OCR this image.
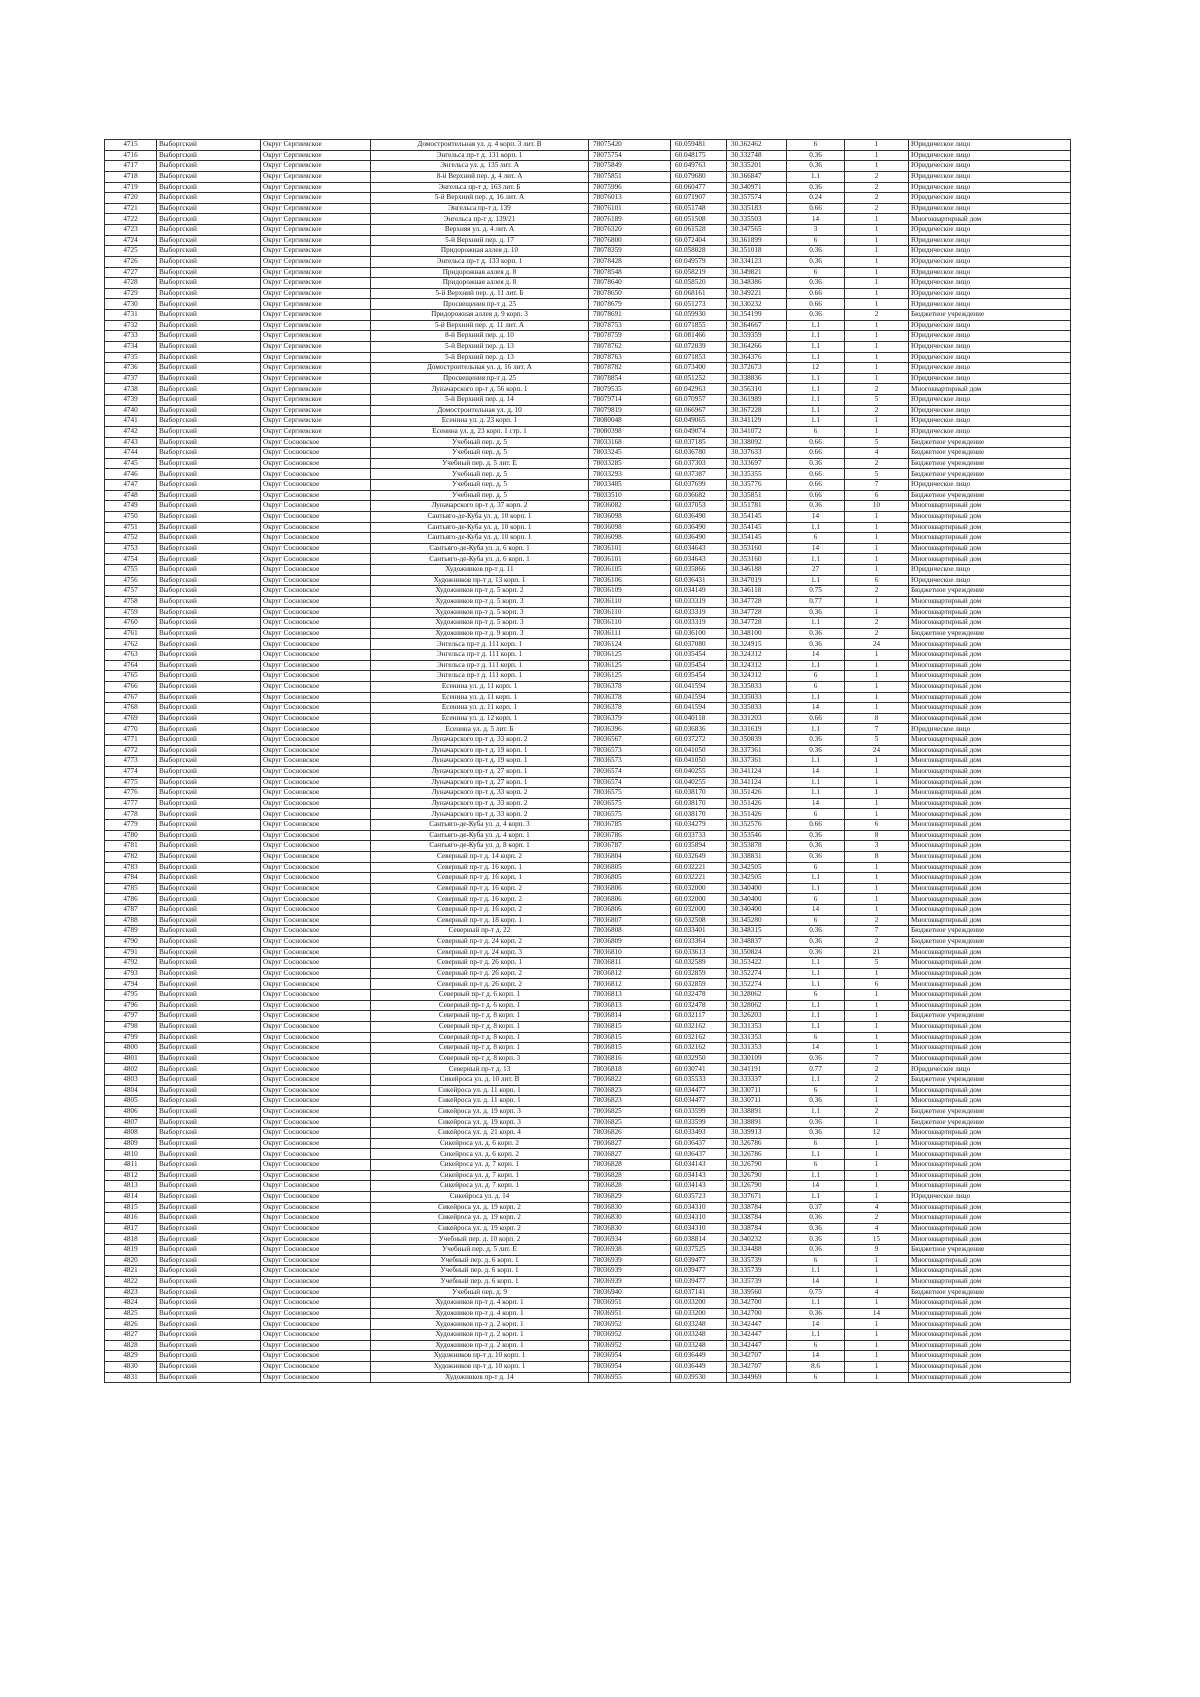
4715	Выборгский	Округ Сергиевское	Домостроительная ул. д. 4 корп. 3 лит. В	78075420	60.059481	30.362462	6	1	Юридическое лицо
4716	Выборгский	Округ Сергиевское	Энгельса пр-т д. 131 корп. 1	78075754	60.048175	30.332748	0.36	1	Юридическое лицо
4717	Выборгский	Округ Сергиевское	Энгельса ул. д. 135 лит. А	78075849	60.049763	30.335201	0.36	1	Юридическое лицо
4718	Выборгский	Округ Сергиевское	8-й Верхний пер. д. 4 лит. А	78075851	60.079680	30.366847	1.1	2	Юридическое лицо
4719	Выборгский	Округ Сергиевское	Энгельса пр-т д. 163 лит. Б	78075996	60.060477	30.340971	0.36	2	Юридическое лицо
4720	Выборгский	Округ Сергиевское	5-й Верхний пер. д. 16 лит. А	78076013	60.071907	30.357574	0.24	2	Юридическое лицо
4721	Выборгский	Округ Сергиевское	Энгельса пр-т д. 139	78076101	60.051748	30.335183	0.66	2	Юридическое лицо
4722	Выборгский	Округ Сергиевское	Энгельса пр-т д. 139/21	78076189	60.051508	30.335503	14	1	Многоквартирный дом
4723	Выборгский	Округ Сергиевское	Верхняя ул. д. 4 лит. А	78076320	60.061528	30.347565	3	1	Юридическое лицо
4724	Выборгский	Округ Сергиевское	5-й Верхний пер. д. 17	78076800	60.072404	30.361899	6	1	Юридическое лицо
4725	Выборгский	Округ Сергиевское	Придорожная аллея д. 10	78078359	60.058028	30.351018	0.36	1	Юридическое лицо
4726	Выборгский	Округ Сергиевское	Энгельса пр-т д. 133 корп. 1	78078428	60.049579	30.334123	0.36	1	Юридическое лицо
4727	Выборгский	Округ Сергиевское	Придорожная аллея д. 8	78078548	60.058219	30.349821	6	1	Юридическое лицо
4728	Выборгский	Округ Сергиевское	Придорожная аллея д. 8	78078640	60.058520	30.348386	0.36	1	Юридическое лицо
4729	Выборгский	Округ Сергиевское	5-й Верхний пер. д. 11 лит. Б	78078650	60.068161	30.349221	0.66	1	Юридическое лицо
4730	Выборгский	Округ Сергиевское	Просвещения пр-т д. 25	78078679	60.051273	30.330232	0.66	1	Юридическое лицо
4731	Выборгский	Округ Сергиевское	Придорожная аллея д. 9 корп. 3	78078691	60.059930	30.354199	0.36	2	Бюджетное учреждение
4732	Выборгский	Округ Сергиевское	5-й Верхний пер. д. 11 лит. А	78078753	60.071855	30.364667	1.1	1	Юридическое лицо
4733	Выборгский	Округ Сергиевское	8-й Верхний пер. д. 10	78078759	60.081466	30.359359	1.1	1	Юридическое лицо
4734	Выборгский	Округ Сергиевское	5-й Верхний пер. д. 13	78078762	60.072039	30.364266	1.1	1	Юридическое лицо
4735	Выборгский	Округ Сергиевское	5-й Верхний пер. д. 13	78078763	60.071853	30.364376	1.1	1	Юридическое лицо
4736	Выборгский	Округ Сергиевское	Домостроительная ул. д. 16 лит. А	78078782	60.073400	30.372673	12	1	Юридическое лицо
4737	Выборгский	Округ Сергиевское	Просвещения пр-т д. 25	78078854	60.051252	30.338836	1.1	1	Юридическое лицо
4738	Выборгский	Округ Сергиевское	Луначарского пр-т д. 56 корп. 1	78079535	60.042963	30.356310	1.1	2	Многоквартирный дом
4739	Выборгский	Округ Сергиевское	5-й Верхний пер. д. 14	78079714	60.070957	30.361989	1.1	5	Юридическое лицо
4740	Выборгский	Округ Сергиевское	Домостроительная ул. д. 10	78079819	60.066967	30.367228	1.1	2	Юридическое лицо
4741	Выборгский	Округ Сергиевское	Есенина ул. д. 23 корп. 1	78080048	60.049065	30.341129	1.1	1	Юридическое лицо
4742	Выборгский	Округ Сергиевское	Есенина ул. д. 23 корп. 1 стр. 1	78080398	60.049074	30.341072	6	1	Юридическое лицо
4743	Выборгский	Округ Сосновское	Учебный пер. д. 5	78033168	60.037185	30.338092	0.66	5	Бюджетное учреждение
4744	Выборгский	Округ Сосновское	Учебный пер. д. 5	78033245	60.036780	30.337633	0.66	4	Бюджетное учреждение
4745	Выборгский	Округ Сосновское	Учебный пер. д. 5 лит. Е	78033285	60.037303	30.333697	0.36	2	Бюджетное учреждение
4746	Выборгский	Округ Сосновское	Учебный пер. д. 5	78033293	60.037387	30.335355	0.66	5	Бюджетное учреждение
4747	Выборгский	Округ Сосновское	Учебный пер. д. 5	78033485	60.037699	30.335776	0.66	7	Юридическое лицо
4748	Выборгский	Округ Сосновское	Учебный пер. д. 5	78033510	60.036682	30.335851	0.66	6	Бюджетное учреждение
4749	Выборгский	Округ Сосновское	Луначарского пр-т д. 37 корп. 2	78036082	60.037053	30.351781	0.36	10	Многоквартирный дом
4750	Выборгский	Округ Сосновское	Сантьяго-де-Куба ул. д. 10 корп. 1	78036098	60.036490	30.354145	14	1	Многоквартирный дом
4751	Выборгский	Округ Сосновское	Сантьяго-де-Куба ул. д. 10 корп. 1	78036098	60.036490	30.354145	1.1	1	Многоквартирный дом
4752	Выборгский	Округ Сосновское	Сантьяго-де-Куба ул. д. 10 корп. 1	78036098	60.036490	30.354145	6	1	Многоквартирный дом
4753	Выборгский	Округ Сосновское	Сантьяго-де-Куба ул. д. 6 корп. 1	78036101	60.034643	30.353160	14	1	Многоквартирный дом
4754	Выборгский	Округ Сосновское	Сантьяго-де-Куба ул. д. 6 корп. 1	78036101	60.034643	30.353160	1.1	1	Многоквартирный дом
4755	Выборгский	Округ Сосновское	Художников пр-т д. 11	78036105	60.035866	30.346188	27	1	Юридическое лицо
4756	Выборгский	Округ Сосновское	Художников пр-т д. 13 корп. 1	78036106	60.036431	30.347019	1.1	6	Юридическое лицо
4757	Выборгский	Округ Сосновское	Художников пр-т д. 5 корп. 2	78036109	60.034149	30.346118	0.75	2	Бюджетное учреждение
4758	Выборгский	Округ Сосновское	Художников пр-т д. 5 корп. 3	78036110	60.033319	30.347728	0.77	1	Многоквартирный дом
4759	Выборгский	Округ Сосновское	Художников пр-т д. 5 корп. 3	78036110	60.033319	30.347728	0.36	1	Многоквартирный дом
4760	Выборгский	Округ Сосновское	Художников пр-т д. 5 корп. 3	78036110	60.033319	30.347728	1.1	2	Многоквартирный дом
4761	Выборгский	Округ Сосновское	Художников пр-т д. 9 корп. 3	78036111	60.036100	30.348100	0.36	2	Бюджетное учреждение
4762	Выборгский	Округ Сосновское	Энгельса пр-т д. 111 корп. 1	78036124	60.037080	30.324915	0.36	24	Многоквартирный дом
4763	Выборгский	Округ Сосновское	Энгельса пр-т д. 111 корп. 1	78036125	60.035454	30.324312	14	1	Многоквартирный дом
4764	Выборгский	Округ Сосновское	Энгельса пр-т д. 111 корп. 1	78036125	60.035454	30.324312	1.1	1	Многоквартирный дом
4765	Выборгский	Округ Сосновское	Энгельса пр-т д. 111 корп. 1	78036125	60.035454	30.324312	6	1	Многоквартирный дом
4766	Выборгский	Округ Сосновское	Есенина ул. д. 11 корп. 1	78036378	60.041594	30.335033	6	1	Многоквартирный дом
4767	Выборгский	Округ Сосновское	Есенина ул. д. 11 корп. 1	78036378	60.041594	30.335033	1.1	1	Многоквартирный дом
4768	Выборгский	Округ Сосновское	Есенина ул. д. 11 корп. 1	78036378	60.041594	30.335033	14	1	Многоквартирный дом
4769	Выборгский	Округ Сосновское	Есенина ул. д. 12 корп. 1	78036379	60.040118	30.331203	0.66	8	Многоквартирный дом
4770	Выборгский	Округ Сосновское	Есенина ул. д. 5 лит. Б	78036396	60.036836	30.331619	1.1	7	Юридическое лицо
4771	Выборгский	Округ Сосновское	Луначарского пр-т д. 33 корп. 2	78036567	60.037272	30.350039	0.36	5	Многоквартирный дом
4772	Выборгский	Округ Сосновское	Луначарского пр-т д. 19 корп. 1	78036573	60.041050	30.337361	0.36	24	Многоквартирный дом
4773	Выборгский	Округ Сосновское	Луначарского пр-т д. 19 корп. 1	78036573	60.041050	30.337361	1.1	1	Многоквартирный дом
4774	Выборгский	Округ Сосновское	Луначарского пр-т д. 27 корп. 1	78036574	60.040255	30.341124	14	1	Многоквартирный дом
4775	Выборгский	Округ Сосновское	Луначарского пр-т д. 27 корп. 1	78036574	60.040255	30.341124	1.1	1	Многоквартирный дом
4776	Выборгский	Округ Сосновское	Луначарского пр-т д. 33 корп. 2	78036575	60.038170	30.351426	1.1	1	Многоквартирный дом
4777	Выборгский	Округ Сосновское	Луначарского пр-т д. 33 корп. 2	78036575	60.038170	30.351426	14	1	Многоквартирный дом
4778	Выборгский	Округ Сосновское	Луначарского пр-т д. 33 корп. 2	78036575	60.038170	30.351426	6	1	Многоквартирный дом
4779	Выборгский	Округ Сосновское	Сантьяго-де-Куба ул. д. 4 корп. 3	78036785	60.034279	30.352576	0.66	6	Многоквартирный дом
4780	Выборгский	Округ Сосновское	Сантьяго-де-Куба ул. д. 4 корп. 1	78036786	60.033733	30.353546	0.36	8	Многоквартирный дом
4781	Выборгский	Округ Сосновское	Сантьяго-де-Куба ул. д. 8 корп. 1	78036787	60.035894	30.353878	0.36	3	Многоквартирный дом
4782	Выборгский	Округ Сосновское	Северный пр-т д. 14 корп. 2	78036804	60.032649	30.338831	0.36	8	Многоквартирный дом
4783	Выборгский	Округ Сосновское	Северный пр-т д. 16 корп. 1	78036805	60.032221	30.342505	6	1	Многоквартирный дом
4784	Выборгский	Округ Сосновское	Северный пр-т д. 16 корп. 1	78036805	60.032221	30.342505	1.1	1	Многоквартирный дом
4785	Выборгский	Округ Сосновское	Северный пр-т д. 16 корп. 2	78036806	60.032000	30.340400	1.1	1	Многоквартирный дом
4786	Выборгский	Округ Сосновское	Северный пр-т д. 16 корп. 2	78036806	60.032000	30.340400	6	1	Многоквартирный дом
4787	Выборгский	Округ Сосновское	Северный пр-т д. 16 корп. 2	78036806	60.032000	30.340400	14	1	Многоквартирный дом
4788	Выборгский	Округ Сосновское	Северный пр-т д. 18 корп. 1	78036807	60.032508	30.345280	6	2	Многоквартирный дом
4789	Выборгский	Округ Сосновское	Северный пр-т д. 22	78036808	60.033401	30.348315	0.36	7	Бюджетное учреждение
4790	Выборгский	Округ Сосновское	Северный пр-т д. 24 корп. 2	78036809	60.033364	30.348837	0.36	2	Бюджетное учреждение
4791	Выборгский	Округ Сосновское	Северный пр-т д. 24 корп. 3	78036810	60.033613	30.350824	0.36	21	Многоквартирный дом
4792	Выборгский	Округ Сосновское	Северный пр-т д. 26 корп. 1	78036811	60.032589	30.353422	1.1	5	Многоквартирный дом
4793	Выборгский	Округ Сосновское	Северный пр-т д. 26 корп. 2	78036812	60.032859	30.352274	1.1	1	Многоквартирный дом
4794	Выборгский	Округ Сосновское	Северный пр-т д. 26 корп. 2	78036812	60.032859	30.352274	1.1	6	Многоквартирный дом
4795	Выборгский	Округ Сосновское	Северный пр-т д. 6 корп. 1	78036813	60.032478	30.328062	6	1	Многоквартирный дом
4796	Выборгский	Округ Сосновское	Северный пр-т д. 6 корп. 1	78036813	60.032478	30.328062	1.1	1	Многоквартирный дом
4797	Выборгский	Округ Сосновское	Северный пр-т д. 8 корп. 1	78036814	60.032117	30.326203	1.1	1	Бюджетное учреждение
4798	Выборгский	Округ Сосновское	Северный пр-т д. 8 корп. 1	78036815	60.032162	30.331353	1.1	1	Многоквартирный дом
4799	Выборгский	Округ Сосновское	Северный пр-т д. 8 корп. 1	78036815	60.032162	30.331353	6	1	Многоквартирный дом
4800	Выборгский	Округ Сосновское	Северный пр-т д. 8 корп. 1	78036815	60.032162	30.331353	14	1	Многоквартирный дом
4801	Выборгский	Округ Сосновское	Северный пр-т д. 8 корп. 3	78036816	60.032950	30.330109	0.36	7	Многоквартирный дом
4802	Выборгский	Округ Сосновское	Северный пр-т д. 13	78036818	60.030741	30.341191	0.77	2	Юридическое лицо
4803	Выборгский	Округ Сосновское	Сикейроса ул. д. 10 лит. В	78036822	60.035533	30.333337	1.1	2	Бюджетное учреждение
4804	Выборгский	Округ Сосновское	Сикейроса ул. д. 11 корп. 1	78036823	60.034477	30.330711	6	1	Многоквартирный дом
4805	Выборгский	Округ Сосновское	Сикейроса ул. д. 11 корп. 1	78036823	60.034477	30.330711	0.36	1	Многоквартирный дом
4806	Выборгский	Округ Сосновское	Сикейроса ул. д. 19 корп. 3	78036825	60.033599	30.338891	1.1	2	Бюджетное учреждение
4807	Выборгский	Округ Сосновское	Сикейроса ул. д. 19 корп. 3	78036825	60.033599	30.338891	0.36	1	Бюджетное учреждение
4808	Выборгский	Округ Сосновское	Сикейроса ул. д. 21 корп. 4	78036826	60.033493	30.339913	0.36	12	Многоквартирный дом
4809	Выборгский	Округ Сосновское	Сикейроса ул. д. 6 корп. 2	78036827	60.036437	30.326786	6	1	Многоквартирный дом
4810	Выборгский	Округ Сосновское	Сикейроса ул. д. 6 корп. 2	78036827	60.036437	30.326786	1.1	1	Многоквартирный дом
4811	Выборгский	Округ Сосновское	Сикейроса ул. д. 7 корп. 1	78036828	60.034143	30.326790	6	1	Многоквартирный дом
4812	Выборгский	Округ Сосновское	Сикейроса ул. д. 7 корп. 1	78036828	60.034143	30.326790	1.1	1	Многоквартирный дом
4813	Выборгский	Округ Сосновское	Сикейроса ул. д. 7 корп. 1	78036828	60.034143	30.326790	14	1	Многоквартирный дом
4814	Выборгский	Округ Сосновское	Сикейроса ул. д. 14	78036829	60.035723	30.337671	1.1	1	Юридическое лицо
4815	Выборгский	Округ Сосновское	Сикейроса ул. д. 19 корп. 2	78036830	60.034310	30.338784	0.37	4	Многоквартирный дом
4816	Выборгский	Округ Сосновское	Сикейроса ул. д. 19 корп. 2	78036830	60.034310	30.338784	0.36	2	Многоквартирный дом
4817	Выборгский	Округ Сосновское	Сикейроса ул. д. 19 корп. 2	78036830	60.034310	30.338784	0.36	4	Многоквартирный дом
4818	Выборгский	Округ Сосновское	Учебный пер. д. 10 корп. 2	78036934	60.038814	30.340232	0.36	15	Многоквартирный дом
4819	Выборгский	Округ Сосновское	Учебный пер. д. 5 лит. Е	78036938	60.037525	30.334488	0.36	9	Бюджетное учреждение
4820	Выборгский	Округ Сосновское	Учебный пер. д. 6 корп. 1	78036939	60.039477	30.335739	6	1	Многоквартирный дом
4821	Выборгский	Округ Сосновское	Учебный пер. д. 6 корп. 1	78036939	60.039477	30.335739	1.1	1	Многоквартирный дом
4822	Выборгский	Округ Сосновское	Учебный пер. д. 6 корп. 1	78036939	60.039477	30.335739	14	1	Многоквартирный дом
4823	Выборгский	Округ Сосновское	Учебный пер. д. 9	78036940	60.037141	30.339560	0.75	4	Бюджетное учреждение
4824	Выборгский	Округ Сосновское	Художников пр-т д. 4 корп. 1	78036951	60.033200	30.342700	1.1	1	Многоквартирный дом
4825	Выборгский	Округ Сосновское	Художников пр-т д. 4 корп. 1	78036951	60.033200	30.342700	0.36	14	Многоквартирный дом
4826	Выборгский	Округ Сосновское	Художников пр-т д. 2 корп. 1	78036952	60.033248	30.342447	14	1	Многоквартирный дом
4827	Выборгский	Округ Сосновское	Художников пр-т д. 2 корп. 1	78036952	60.033248	30.342447	1.1	1	Многоквартирный дом
4828	Выборгский	Округ Сосновское	Художников пр-т д. 2 корп. 1	78036952	60.033248	30.342447	6	1	Многоквартирный дом
4829	Выборгский	Округ Сосновское	Художников пр-т д. 10 корп. 1	78036954	60.036449	30.342707	14	1	Многоквартирный дом
4830	Выборгский	Округ Сосновское	Художников пр-т д. 10 корп. 1	78036954	60.036449	30.342707	8.6	1	Многоквартирный дом
4831	Выборгский	Округ Сосновское	Художников пр-т д. 14	78036955	60.039530	30.344969	6	1	Многоквартирный дом
